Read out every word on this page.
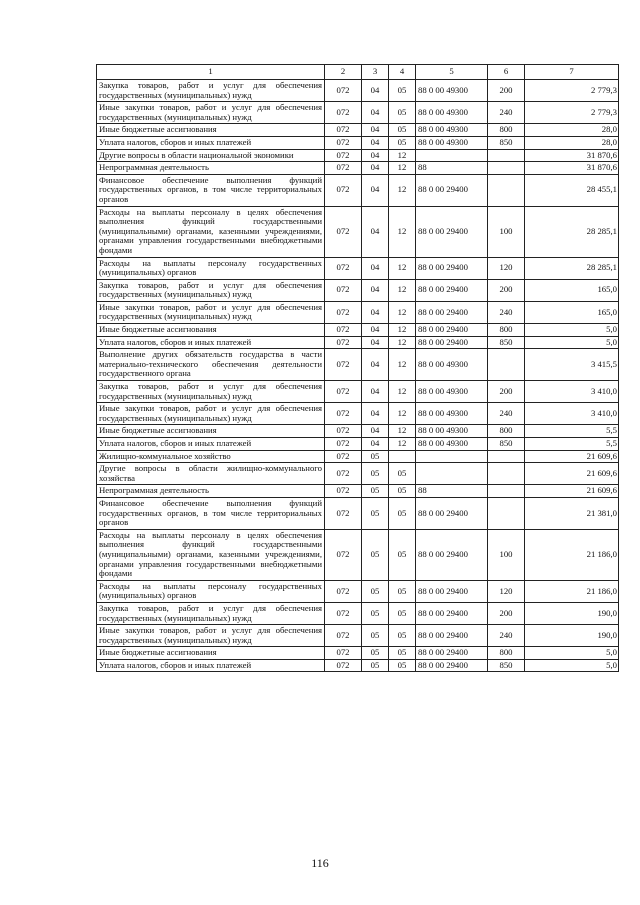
1	2	3	4	5	6	7
Закупка товаров, работ и услуг для обеспечения государственных (муниципальных) нужд	072	04	05	88 0 00 49300	200	2 779,3
Иные закупки товаров, работ и услуг для обеспечения государственных (муниципальных) нужд	072	04	05	88 0 00 49300	240	2 779,3
Иные бюджетные ассигнования	072	04	05	88 0 00 49300	800	28,0
Уплата налогов, сборов и иных платежей	072	04	05	88 0 00 49300	850	28,0
Другие вопросы в области национальной экономики	072	04	12			31 870,6
Непрограммная деятельность	072	04	12	88		31 870,6
Финансовое обеспечение выполнения функций государственных органов, в том числе территориальных органов	072	04	12	88 0 00 29400		28 455,1
Расходы на выплаты персоналу в целях обеспечения выполнения функций государственными (муниципальными) органами, казенными учреждениями, органами управления государственными внебюджетными фондами	072	04	12	88 0 00 29400	100	28 285,1
Расходы на выплаты персоналу государственных (муниципальных) органов	072	04	12	88 0 00 29400	120	28 285,1
Закупка товаров, работ и услуг для обеспечения государственных (муниципальных) нужд	072	04	12	88 0 00 29400	200	165,0
Иные закупки товаров, работ и услуг для обеспечения государственных (муниципальных) нужд	072	04	12	88 0 00 29400	240	165,0
Иные бюджетные ассигнования	072	04	12	88 0 00 29400	800	5,0
Уплата налогов, сборов и иных платежей	072	04	12	88 0 00 29400	850	5,0
Выполнение других обязательств государства в части материально-технического обеспечения деятельности государственного органа	072	04	12	88 0 00 49300		3 415,5
Закупка товаров, работ и услуг для обеспечения государственных (муниципальных) нужд	072	04	12	88 0 00 49300	200	3 410,0
Иные закупки товаров, работ и услуг для обеспечения государственных (муниципальных) нужд	072	04	12	88 0 00 49300	240	3 410,0
Иные бюджетные ассигнования	072	04	12	88 0 00 49300	800	5,5
Уплата налогов, сборов и иных платежей	072	04	12	88 0 00 49300	850	5,5
Жилищно-коммунальное хозяйство	072	05				21 609,6
Другие вопросы в области жилищно-коммунального хозяйства	072	05	05			21 609,6
Непрограммная деятельность	072	05	05	88		21 609,6
Финансовое обеспечение выполнения функций государственных органов, в том числе территориальных органов	072	05	05	88 0 00 29400		21 381,0
Расходы на выплаты персоналу в целях обеспечения выполнения функций государственными (муниципальными) органами, казенными учреждениями, органами управления государственными внебюджетными фондами	072	05	05	88 0 00 29400	100	21 186,0
Расходы на выплаты персоналу государственных (муниципальных) органов	072	05	05	88 0 00 29400	120	21 186,0
Закупка товаров, работ и услуг для обеспечения государственных (муниципальных) нужд	072	05	05	88 0 00 29400	200	190,0
Иные закупки товаров, работ и услуг для обеспечения государственных (муниципальных) нужд	072	05	05	88 0 00 29400	240	190,0
Иные бюджетные ассигнования	072	05	05	88 0 00 29400	800	5,0
Уплата налогов, сборов и иных платежей	072	05	05	88 0 00 29400	850	5,0
116
